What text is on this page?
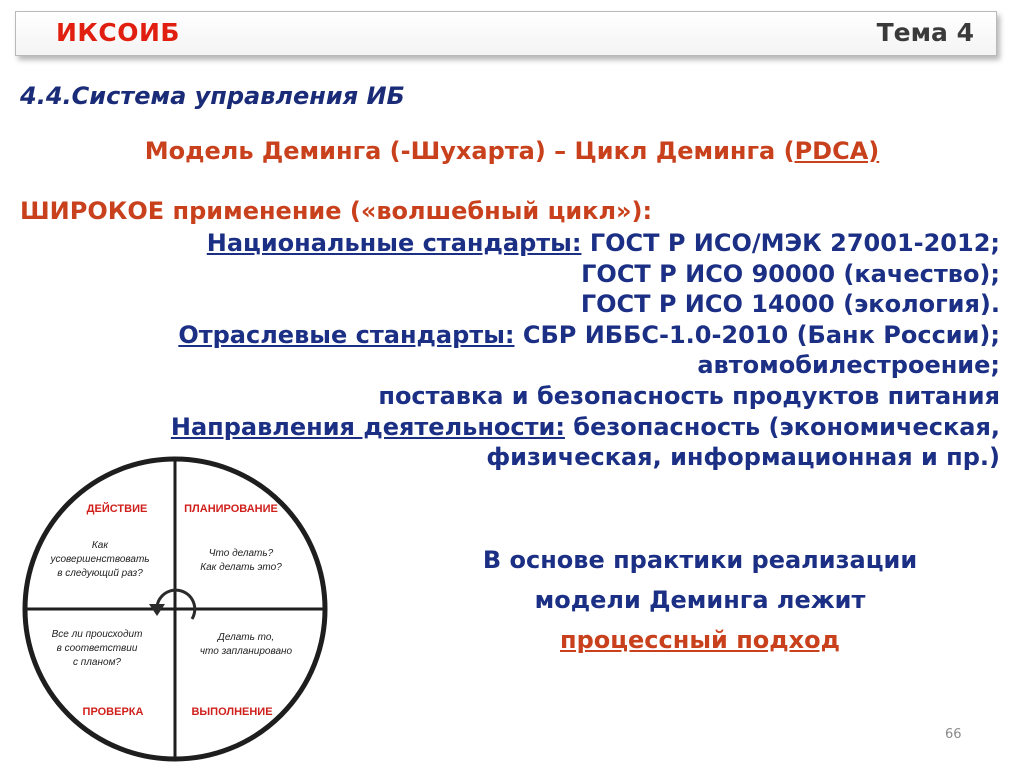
ИКСОИБ	Тема 4
4.4.Система управления ИБ
Модель Деминга (-Шухарта) – Цикл Деминга (PDCA)
ШИРОКОЕ применение («волшебный цикл»):
Национальные стандарты: ГОСТ Р ИСО/МЭК 27001-2012;
ГОСТ Р ИСО 90000 (качество);
ГОСТ Р ИСО 14000 (экология).
Отраслевые стандарты: СБР ИББС-1.0-2010 (Банк России);
автомобилестроение;
поставка и безопасность продуктов питания
Направления деятельности: безопасность (экономическая,
физическая, информационная и пр.)
ДЕЙСТВИЕ	ПЛАНИРОВАНИЕ
ПРОВЕРКА	ВЫПОЛНЕНИЕ
Как
усовершенствовать
в следующий раз?
Что делать?
Как делать это?
Все ли происходит
в соответствии
с планом?
Делать то,
что запланировано
В основе практики реализации
модели Деминга лежит
процессный подход
66
